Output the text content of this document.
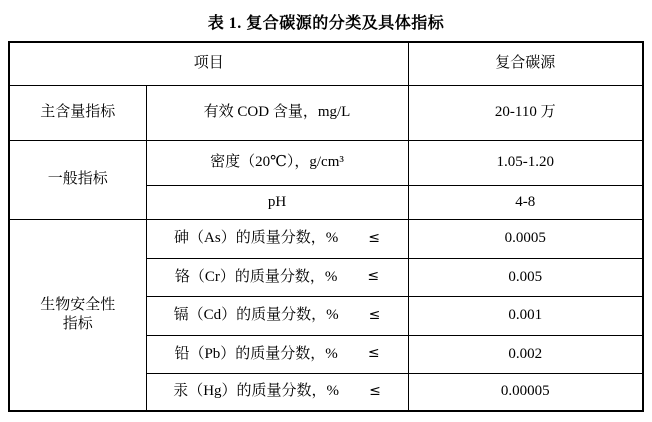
表 1. 复合碳源的分类及具体指标
项目		复合碳源

主含量指标	有效 COD 含量，mg/L	20-110 万

一般指标	密度（20℃），g/cm³	1.05-1.20
	pH	4-8

生物安全性
指标	砷（As）的质量分数，% ≤	0.0005

	铬（Cr）的质量分数，% ≤	0.005

	镉（Cd）的质量分数，% ≤	0.001

	铅（Pb）的质量分数，% ≤	0.002

	汞（Hg）的质量分数，% ≤	0.00005
